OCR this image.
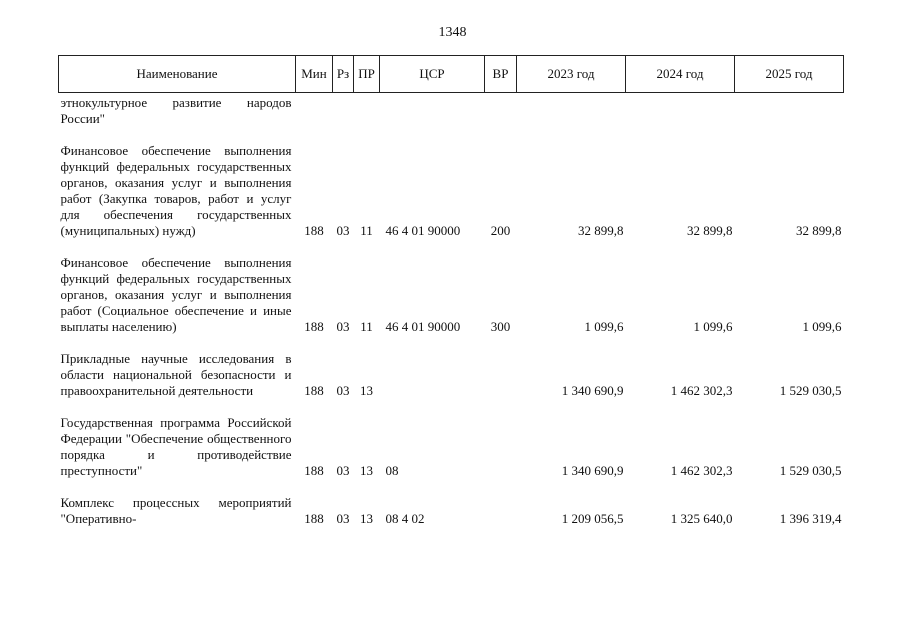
1348
Наименование	Мин	Рз	ПР	ЦСР	ВР	2023 год	2024 год	2025 год
этнокультурное развитие народов России"								

Финансовое обеспечение выполнения функций федеральных государственных органов, оказания услуг и выполнения работ (Закупка товаров, работ и услуг для обеспечения государственных (муниципальных) нужд)	188	03	11	46 4 01 90000	200	32 899,8	32 899,8	32 899,8

Финансовое обеспечение выполнения функций федеральных государственных органов, оказания услуг и выполнения работ (Социальное обеспечение и иные выплаты населению)	188	03	11	46 4 01 90000	300	1 099,6	1 099,6	1 099,6

Прикладные научные исследования в области национальной безопасности и правоохранительной деятельности	188	03	13			1 340 690,9	1 462 302,3	1 529 030,5

Государственная программа Российской Федерации "Обеспечение общественного порядка и противодействие преступности"	188	03	13	08		1 340 690,9	1 462 302,3	1 529 030,5

Комплекс процессных мероприятий "Оперативно-	188	03	13	08 4 02		1 209 056,5	1 325 640,0	1 396 319,4
